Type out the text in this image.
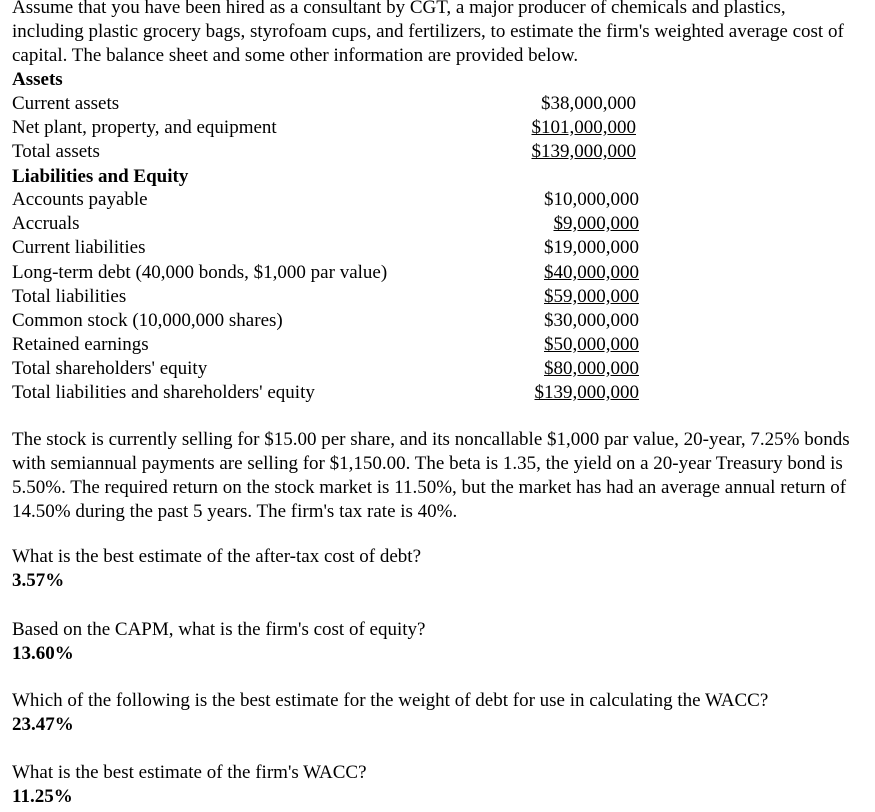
Assume that you have been hired as a consultant by CGT, a major producer of chemicals and plastics, including plastic grocery bags, styrofoam cups, and fertilizers, to estimate the firm's weighted average cost of capital. The balance sheet and some other information are provided below.
Assets
Current assets	$38,000,000
Net plant, property, and equipment	$101,000,000
Total assets	$139,000,000
Liabilities and Equity
Accounts payable	$10,000,000
Accruals	$9,000,000
Current liabilities	$19,000,000
Long-term debt (40,000 bonds, $1,000 par value)	$40,000,000
Total liabilities	$59,000,000
Common stock (10,000,000 shares)	$30,000,000
Retained earnings	$50,000,000
Total shareholders' equity	$80,000,000
Total liabilities and shareholders' equity	$139,000,000
The stock is currently selling for $15.00 per share, and its noncallable $1,000 par value, 20-year, 7.25% bonds with semiannual payments are selling for $1,150.00. The beta is 1.35, the yield on a 20-year Treasury bond is 5.50%. The required return on the stock market is 11.50%, but the market has had an average annual return of 14.50% during the past 5 years. The firm's tax rate is 40%.
What is the best estimate of the after-tax cost of debt?
3.57%
Based on the CAPM, what is the firm's cost of equity?
13.60%
Which of the following is the best estimate for the weight of debt for use in calculating the WACC?
23.47%
What is the best estimate of the firm's WACC?
11.25%
